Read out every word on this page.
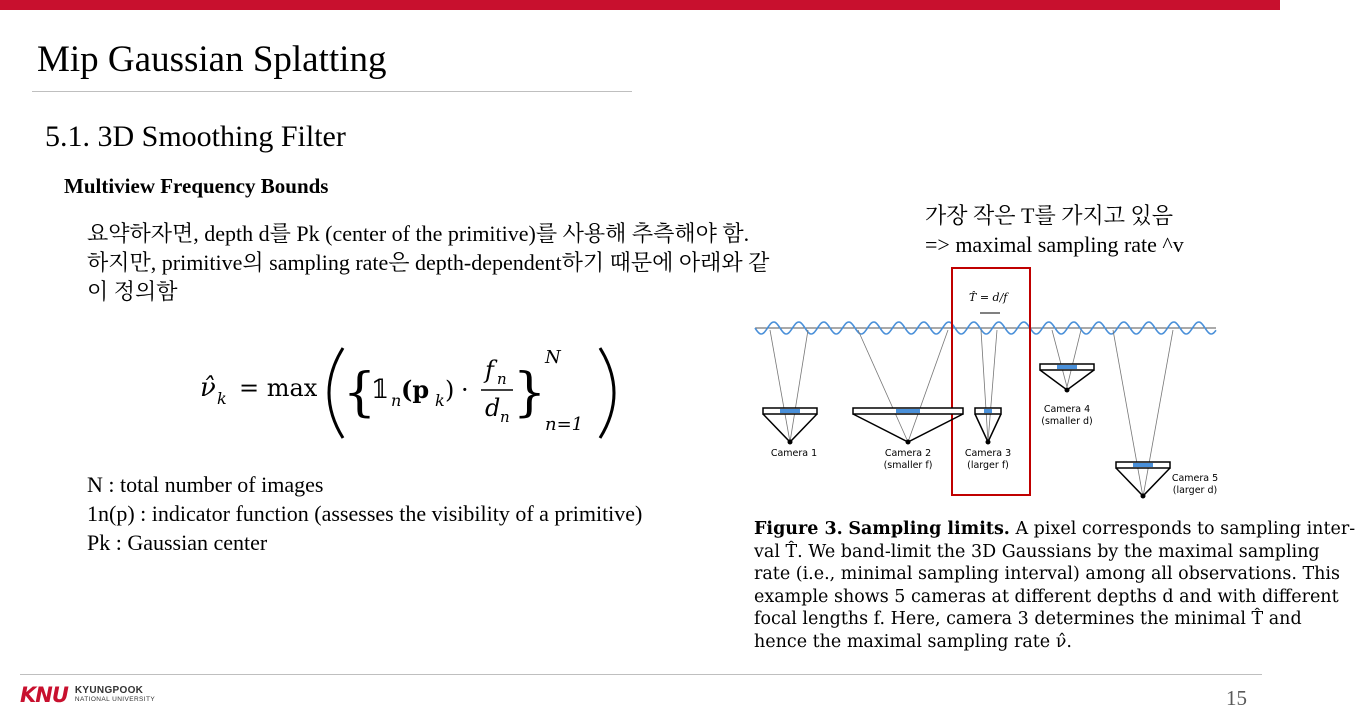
Mip Gaussian Splatting
5.1. 3D Smoothing Filter
Multiview Frequency Bounds
요약하자면, depth d를 Pk (center of the primitive)를 사용해 추측해야 함.
하지만, primitive의 sampling rate은 depth-dependent하기 때문에 아래와 같
이 정의함
ν̂ k = max {	}
𝟙 n (p k ) ·
f n
d n
N
n=1
N : total number of images
1n(p) : indicator function (assesses the visibility of a primitive)
Pk : Gaussian center
가장 작은 T를 가지고 있음
=> maximal sampling rate ^v
T̂ = d/f
Camera 1	Camera 2
(smaller f)
Camera 3
(larger f)
Camera 4
(smaller d)
Camera 5
(larger d)
Figure 3. Sampling limits. A pixel corresponds to sampling inter-
val T̂. We band-limit the 3D Gaussians by the maximal sampling
rate (i.e., minimal sampling interval) among all observations. This
example shows 5 cameras at different depths d and with different
focal lengths f. Here, camera 3 determines the minimal T̂ and
hence the maximal sampling rate ν̂.
KNU KYUNGPOOK
NATIONAL UNIVERSITY	15
